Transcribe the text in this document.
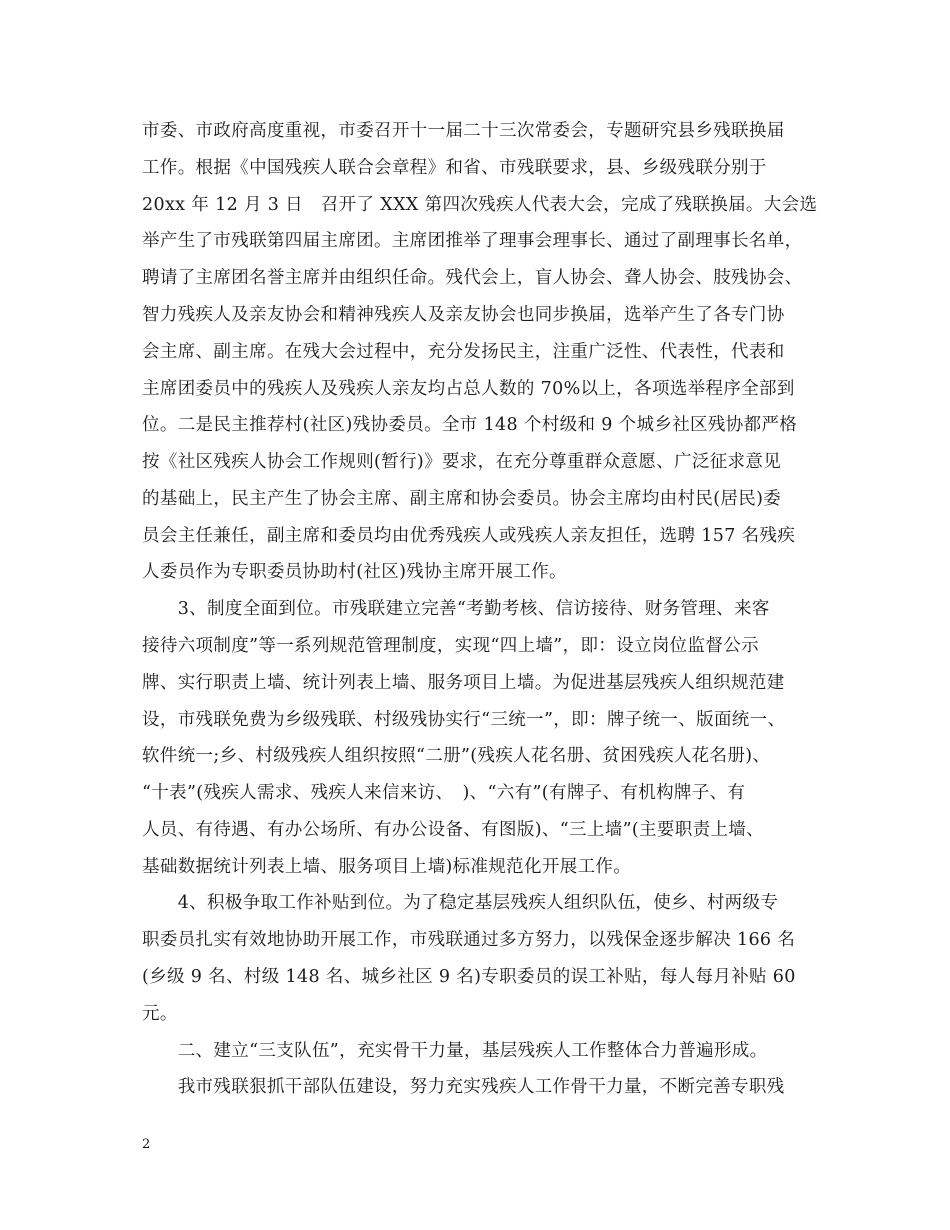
市委、市政府高度重视，市委召开十一届二十三次常委会，专题研究县乡残联换届
工作。根据《中国残疾人联合会章程》和省、市残联要求，县、乡级残联分别于
20xx 年 12 月 3 日　召开了 XXX 第四次残疾人代表大会，完成了残联换届。大会选
举产生了市残联第四届主席团。主席团推举了理事会理事长、通过了副理事长名单，
聘请了主席团名誉主席并由组织任命。残代会上，盲人协会、聋人协会、肢残协会、
智力残疾人及亲友协会和精神残疾人及亲友协会也同步换届，选举产生了各专门协
会主席、副主席。在残大会过程中，充分发扬民主，注重广泛性、代表性，代表和
主席团委员中的残疾人及残疾人亲友均占总人数的 70%以上，各项选举程序全部到
位。二是民主推荐村(社区)残协委员。全市 148 个村级和 9 个城乡社区残协都严格
按《社区残疾人协会工作规则(暂行)》要求，在充分尊重群众意愿、广泛征求意见
的基础上，民主产生了协会主席、副主席和协会委员。协会主席均由村民(居民)委
员会主任兼任，副主席和委员均由优秀残疾人或残疾人亲友担任，选聘 157 名残疾
人委员作为专职委员协助村(社区)残协主席开展工作。
　　3、制度全面到位。市残联建立完善“考勤考核、信访接待、财务管理、来客
接待六项制度”等一系列规范管理制度，实现“四上墙”，即：设立岗位监督公示
牌、实行职责上墙、统计列表上墙、服务项目上墙。为促进基层残疾人组织规范建
设，市残联免费为乡级残联、村级残协实行“三统一”，即：牌子统一、版面统一、
软件统一;乡、村级残疾人组织按照“二册”(残疾人花名册、贫困残疾人花名册)、
“十表”(残疾人需求、残疾人来信来访、　)、“六有”(有牌子、有机构牌子、有
人员、有待遇、有办公场所、有办公设备、有图版)、“三上墙”(主要职责上墙、
基础数据统计列表上墙、服务项目上墙)标准规范化开展工作。
　　4、积极争取工作补贴到位。为了稳定基层残疾人组织队伍，使乡、村两级专
职委员扎实有效地协助开展工作，市残联通过多方努力，以残保金逐步解决 166 名
(乡级 9 名、村级 148 名、城乡社区 9 名)专职委员的误工补贴，每人每月补贴 60
元。
　　二、建立“三支队伍”，充实骨干力量，基层残疾人工作整体合力普遍形成。
　　我市残联狠抓干部队伍建设，努力充实残疾人工作骨干力量，不断完善专职残
2
